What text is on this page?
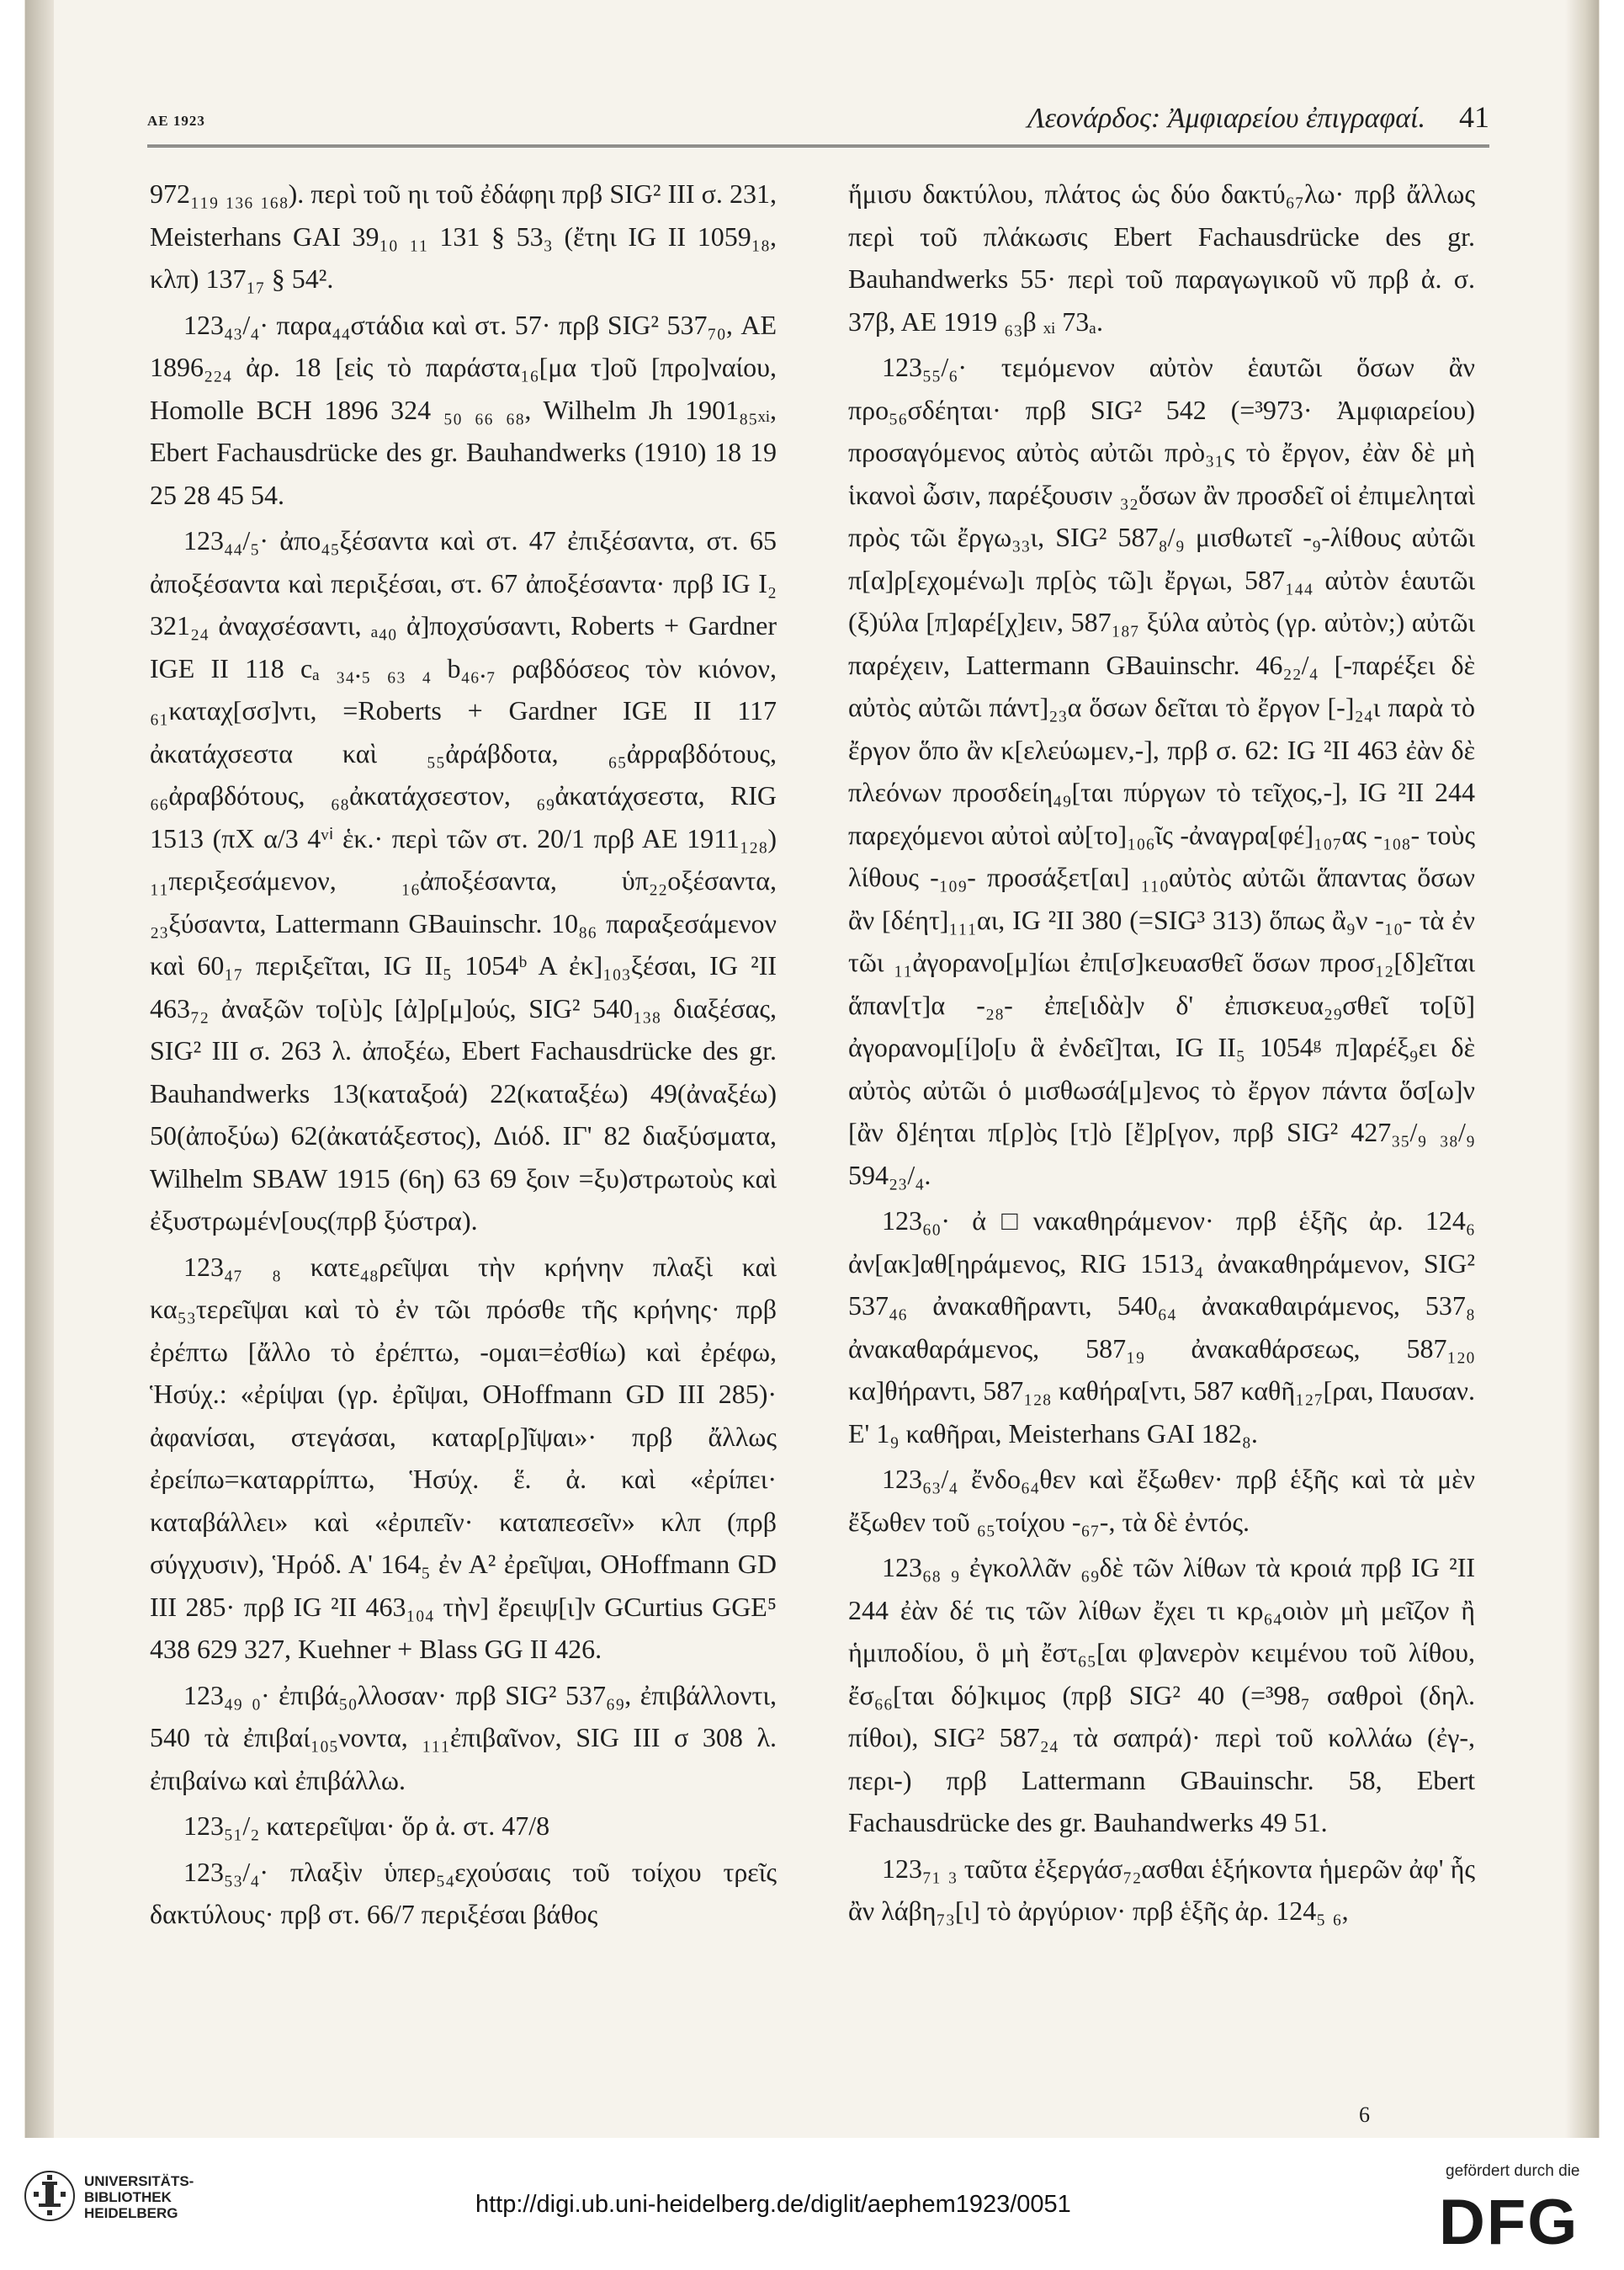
ΑΕ 1923	Λεονάρδος: Ἀμφιαρείου ἐπιγραφαί. 41

972₁₁₉ ₁₃₆ ₁₆₈). περὶ τοῦ ηι τοῦ ἐδάφηι πρβ SIG² III σ. 231, Meisterhans GAI 39₁₀ ₁₁ 131 § 53₃ (ἔτηι IG II 1059₁₈, κλπ) 137₁₇ § 54².

123₄₃/₄· παρα₄₄στάδια καὶ στ. 57· πρβ SIG² 537₇₀, ΑΕ 1896₂₂₄ ἀρ. 18 [εἰς τὸ παράστα₁₆[μα τ]οῦ [προ]ναίου, Homolle BCH 1896 324 ₅₀ ₆₆ ₆₈, Wilhelm Jh 1901₈₅ₓᵢ, Ebert Fachausdrücke des gr. Bauhandwerks (1910) 18 19 25 28 45 54.

123₄₄/₅· ἀπο₄₅ξέσαντα καὶ στ. 47 ἐπιξέσαντα, στ. 65 ἀποξέσαντα καὶ περιξέσαι, στ. 67 ἀποξέσαντα· πρβ IG I₂ 321₂₄ ἀναχσέσαντι, ₐ₄₀ ἀ]ποχσύσαντι, Roberts + Gardner IGE II 118 cₐ ₃₄.₅ ₆₃ ₄ b₄₆.₇ ραβδόσεος τὸν κιόνον, ₆₁καταχ[σσ]ντι, =Roberts + Gardner IGE II 117 ἀκατάχσεστα καὶ ₅₅ἀράβδοτα, ₆₅ἀρραβδότους, ₆₆ἀραβδότους, ₆₈ἀκατάχσεστον, ₆₉ἀκατάχσεστα, RIG 1513 (πΧ α/3 4ᵛⁱ ἑκ.· περὶ τῶν στ. 20/1 πρβ ΑΕ 1911₁₂₈) ₁₁περιξεσάμενον, ₁₆ἀποξέσαντα, ὑπ₂₂οξέσαντα, ₂₃ξύσαντα, Lattermann GBauinschr. 10₈₆ παραξεσάμενον καὶ 60₁₇ περιξεῖται, IG II₅ 1054ᵇ A ἐκ]₁₀₃ξέσαι, IG ²II 463₇₂ ἀναξῶν το[ὺ]ς [ἀ]ρ[μ]ούς, SIG² 540₁₃₈ διαξέσας, SIG² III σ. 263 λ. ἀποξέω, Ebert Fachausdrücke des gr. Bauhandwerks 13(καταξοά) 22(καταξέω) 49(ἀναξέω) 50(ἀποξύω) 62(ἀκατάξεστος), Διόδ. IΓ' 82 διαξύσματα, Wilhelm SBAW 1915 (6η) 63 69 ξοιν =ξυ)στρωτοὺς καὶ ἐξυστρωμέν[ους(πρβ ξύστρα).

123₄₇ ₈ κατε₄₈ρεῖψαι τὴν κρήνην πλαξὶ καὶ κα₅₃τερεῖψαι καὶ τὸ ἐν τῶι πρόσθε τῆς κρήνης· πρβ ἐρέπτω [ἄλλο τὸ ἐρέπτω, -ομαι=ἐσθίω) καὶ ἐρέφω, Ἡσύχ.: «ἐρίψαι (γρ. ἐρῖψαι, OHoffmann GD III 285)· ἀφανίσαι, στεγάσαι, καταρ[ρ]ῖψαι»· πρβ ἄλλως ἐρείπω=καταρρίπτω, Ἡσύχ. ἕ. ἀ. καὶ «ἐρίπει· καταβάλλει» καὶ «ἐριπεῖν· καταπεσεῖν» κλπ (πρβ σύγχυσιν), Ἡρόδ. Α' 164₅ ἐν Α² ἐρεῖψαι, OHoffmann GD III 285· πρβ IG ²II 463₁₀₄ τὴν] ἔρειψ[ι]ν GCurtius GGE⁵ 438 629 327, Kuehner + Blass GG II 426.

123₄₉ ₀· ἐπιβά₅₀λλοσαν· πρβ SIG² 537₆₉, ἐπιβάλλοντι, 540 τὰ ἐπιβαί₁₀₅νοντα, ₁₁₁ἐπιβαῖνον, SIG III σ 308 λ. ἐπιβαίνω καὶ ἐπιβάλλω.

123₅₁/₂ κατερεῖψαι· ὅρ ἀ. στ. 47/8

123₅₃/₄· πλαξὶν ὑπερ₅₄εχούσαις τοῦ τοίχου τρεῖς δακτύλους· πρβ στ. 66/7 περιξέσαι βάθος

ἥμισυ δακτύλου, πλάτος ὡς δύο δακτύ₆₇λω· πρβ ἄλλως περὶ τοῦ πλάκωσις Ebert Fachausdrücke des gr. Bauhandwerks 55· περὶ τοῦ παραγωγικοῦ νῦ πρβ ἀ. σ. 37β, ΑΕ 1919 ₆₃β ₓᵢ 73ₐ.

123₅₅/₆· τεμόμενον αὐτὸν ἑαυτῶι ὅσων ἂν προ₅₆σδέηται· πρβ SIG² 542 (=³973· Ἀμφιαρείου) προσαγόμενος αὐτὸς αὐτῶι πρὸ₃₁ς τὸ ἔργον, ἐὰν δὲ μὴ ἱκανοὶ ὦσιν, παρέξουσιν ₃₂ὅσων ἂν προσδεῖ οἱ ἐπιμεληταὶ πρὸς τῶι ἔργω₃₃ι, SIG² 587₈/₉ μισθωτεῖ -₉-λίθους αὐτῶι π[α]ρ[εχομένω]ι πρ[ὸς τῶ]ι ἔργωι, 587₁₄₄ αὐτὸν ἑαυτῶι (ξ)ύλα [π]αρέ[χ]ειν, 587₁₈₇ ξύλα αὐτὸς (γρ. αὐτὸν;) αὐτῶι παρέχειν, Lattermann GBauinschr. 46₂₂/₄ [-παρέξει δὲ αὐτὸς αὐτῶι πάντ]₂₃α ὅσων δεῖται τὸ ἔργον [-]₂₄ι παρὰ τὸ ἔργον ὅπο ἂν κ[ελεύωμεν,-], πρβ σ. 62: IG ²II 463 ἐὰν δὲ πλεόνων προσδείη₄₉[ται πύργων τὸ τεῖχος,-], IG ²II 244 παρεχόμενοι αὐτοὶ αὐ[το]₁₀₆ῖς -ἀναγρα[φέ]₁₀₇ας -₁₀₈- τοὺς λίθους -₁₀₉- προσάξετ[αι] ₁₁₀αὐτὸς αὐτῶι ἅπαντας ὅσων ἂν [δέητ]₁₁₁αι, IG ²II 380 (=SIG³ 313) ὅπως ἂ₉ν -₁₀- τὰ ἐν τῶι ₁₁ἀγορανο[μ]ίωι ἐπι[σ]κευασθεῖ ὅσων προσ₁₂[δ]εῖται ἅπαν[τ]α -₂₈- ἐπε[ιδὰ]ν δ' ἐπισκευα₂₉σθεῖ το[ῦ] ἀγορανομ[ί]ο[υ ἃ ἐνδεῖ]ται, IG II₅ 1054ᵍ π]αρέξ₉ει δὲ αὐτὸς αὐτῶι ὁ μισθωσά[μ]ενος τὸ ἔργον πάντα ὅσ[ω]ν [ἂν δ]έηται π[ρ]ὸς [τ]ὸ [ἔ]ρ[γον, πρβ SIG² 427₃₅/₉ ₃₈/₉ 594₂₃/₄.

123₆₀· ἀ□νακαθηράμενον· πρβ ἑξῆς ἀρ. 124₆ ἀν[ακ]αθ[ηράμενος, RIG 1513₄ ἀνακαθηράμενον, SIG² 537₄₆ ἀνακαθῆραντι, 540₆₄ ἀνακαθαιράμενος, 537₈ ἀνακαθαράμενος, 587₁₉ ἀνακαθάρσεως, 587₁₂₀ κα]θήραντι, 587₁₂₈ καθήρα[ντι, 587 καθῆ₁₂₇[ραι, Παυσαν. Ε' 1₉ καθῆραι, Meisterhans GAI 182₈.

123₆₃/₄ ἔνδο₆₄θεν καὶ ἔξωθεν· πρβ ἑξῆς καὶ τὰ μὲν ἔξωθεν τοῦ ₆₅τοίχου -₆₇-, τὰ δὲ ἐντός.

123₆₈ ₉ ἐγκολλᾶν ₆₉δὲ τῶν λίθων τὰ κροιά πρβ IG ²II 244 ἐὰν δέ τις τῶν λίθων ἔχει τι κρ₆₄οιὸν μὴ μεῖζον ἢ ἡμιποδίου, ὃ μὴ ἔστ₆₅[αι φ]ανερὸν κειμένου τοῦ λίθου, ἔσ₆₆[ται δό]κιμος (πρβ SIG² 40 (=³98₇ σαθροὶ (δηλ. πίθοι), SIG² 587₂₄ τὰ σαπρά)· περὶ τοῦ κολλάω (ἐγ-, περι-) πρβ Lattermann GBauinschr. 58, Ebert Fachausdrücke des gr. Bauhandwerks 49 51.

123₇₁ ₃ ταῦτα ἐξεργάσ₇₂ασθαι ἑξήκοντα ἡμερῶν ἀφ' ἧς ἂν λάβη₇₃[ι] τὸ ἀργύριον· πρβ ἑξῆς ἀρ. 124₅ ₆,

6
UNIVERSITÄTS-
BIBLIOTHEK
HEIDELBERG	http://digi.ub.uni-heidelberg.de/diglit/aephem1923/0051
gefördert durch die
DFG
